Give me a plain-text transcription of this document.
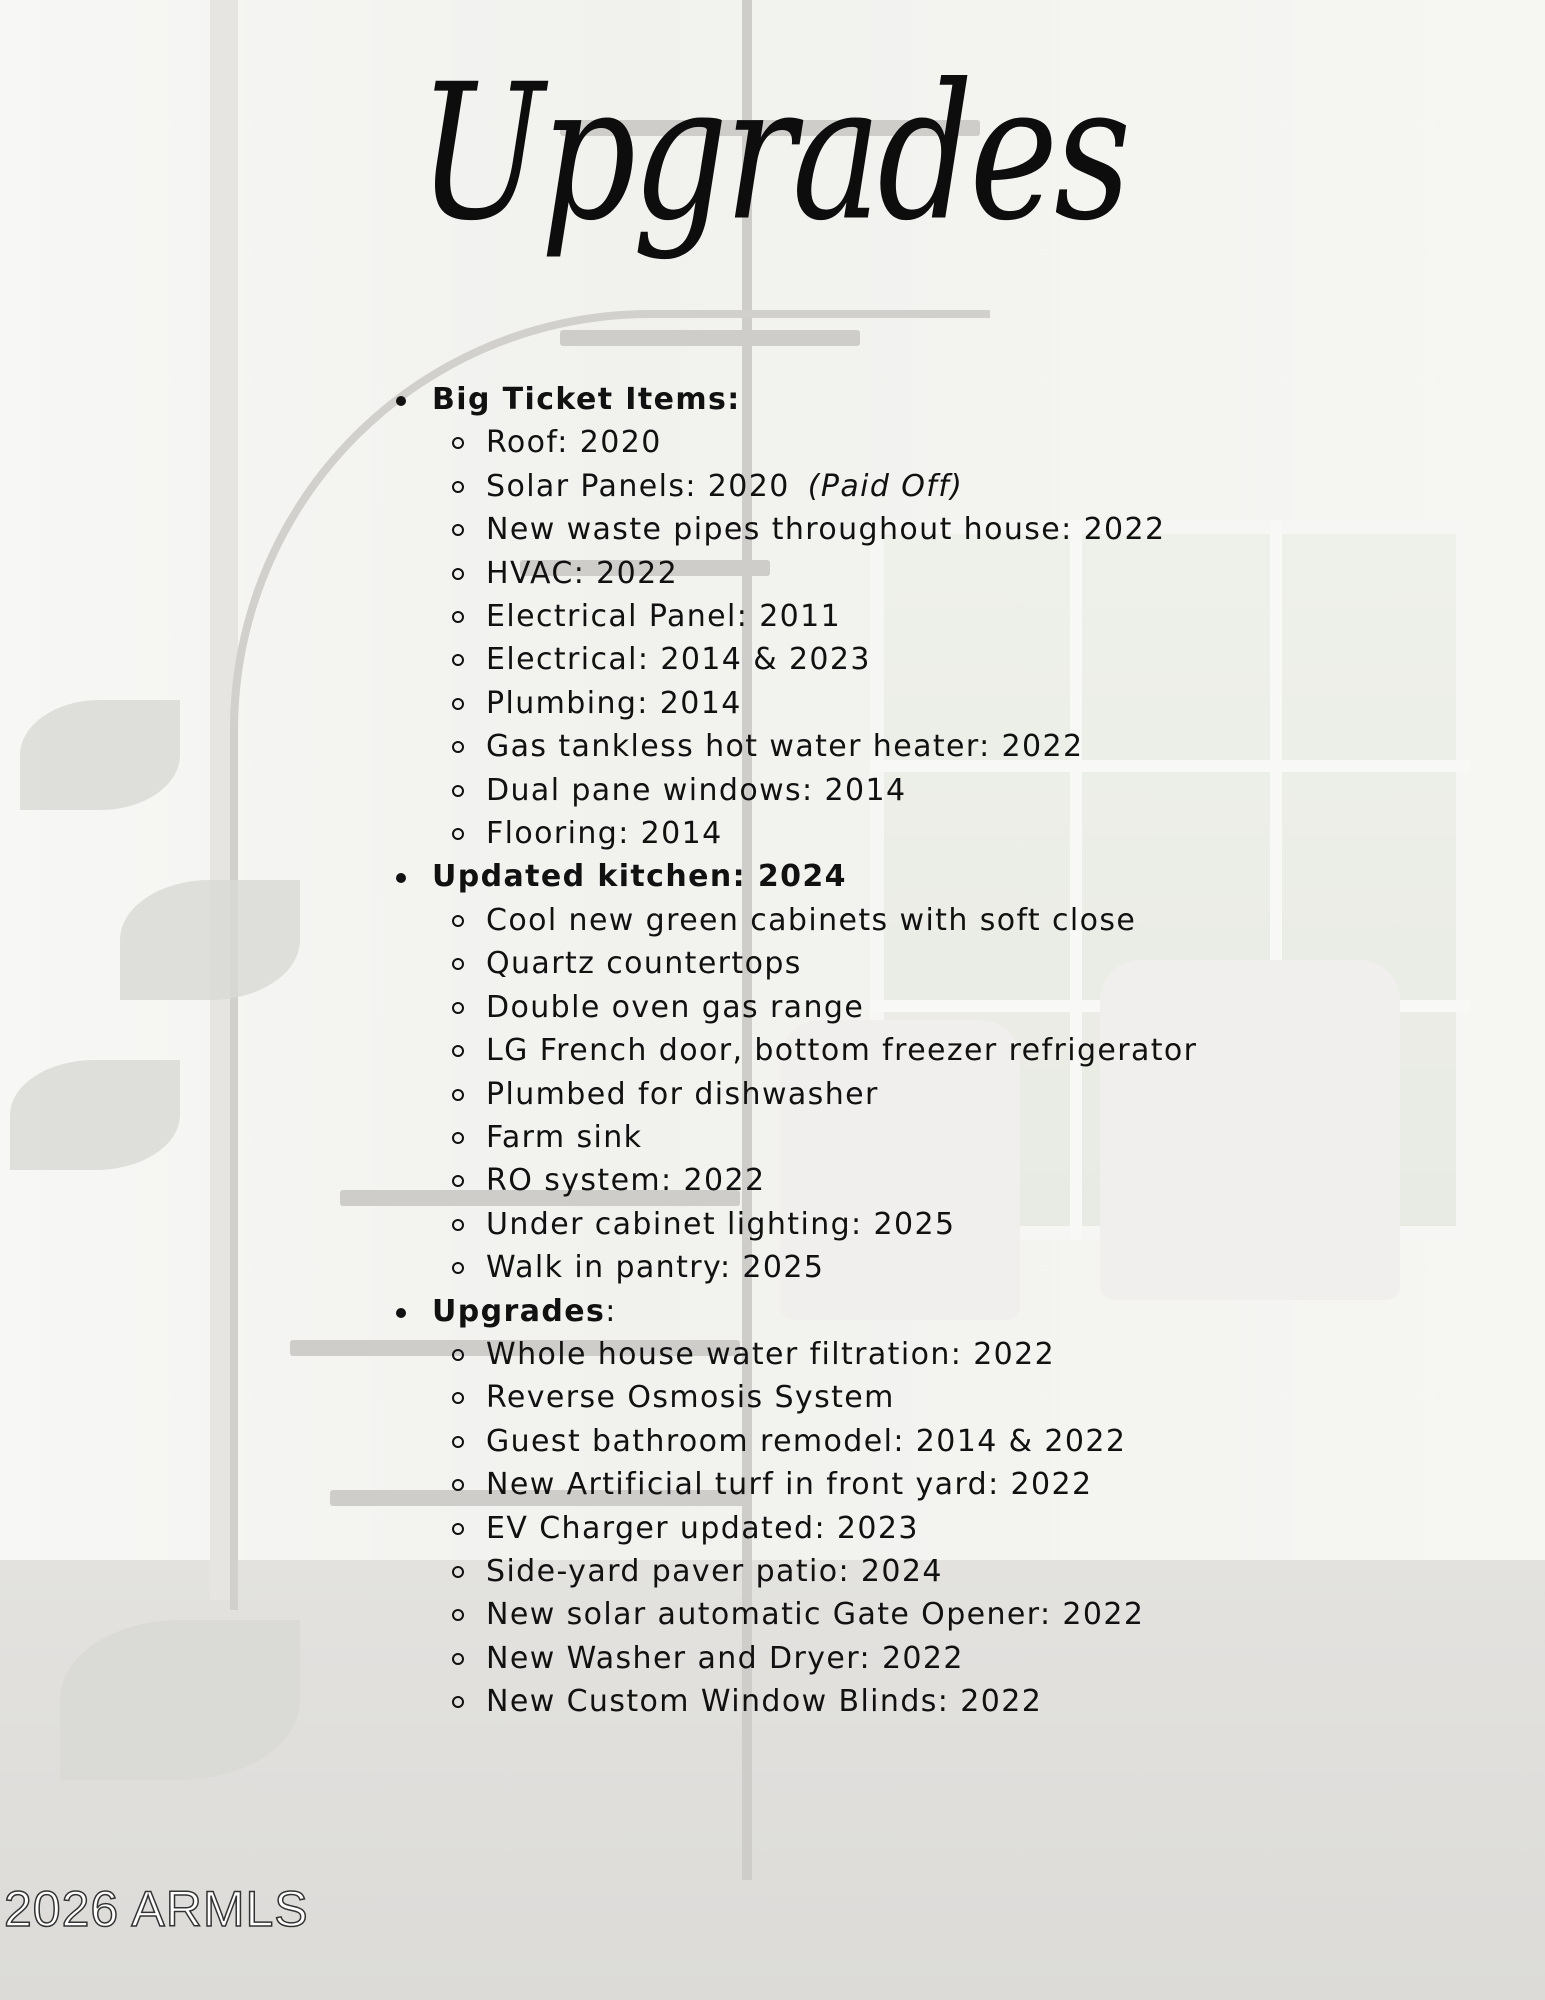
Upgrades
Big Ticket Items:
Roof: 2020
Solar Panels: 2020 (Paid Off)
New waste pipes throughout house: 2022
HVAC: 2022
Electrical Panel: 2011
Electrical: 2014 & 2023
Plumbing: 2014
Gas tankless hot water heater: 2022
Dual pane windows: 2014
Flooring: 2014
Updated kitchen: 2024
Cool new green cabinets with soft close
Quartz countertops
Double oven gas range
LG French door, bottom freezer refrigerator
Plumbed for dishwasher
Farm sink
RO system: 2022
Under cabinet lighting: 2025
Walk in pantry: 2025
Upgrades:
Whole house water filtration: 2022
Reverse Osmosis System
Guest bathroom remodel: 2014 & 2022
New Artificial turf in front yard: 2022
EV Charger updated: 2023
Side-yard paver patio: 2024
New solar automatic Gate Opener: 2022
New Washer and Dryer: 2022
New Custom Window Blinds: 2022
2026 ARMLS
